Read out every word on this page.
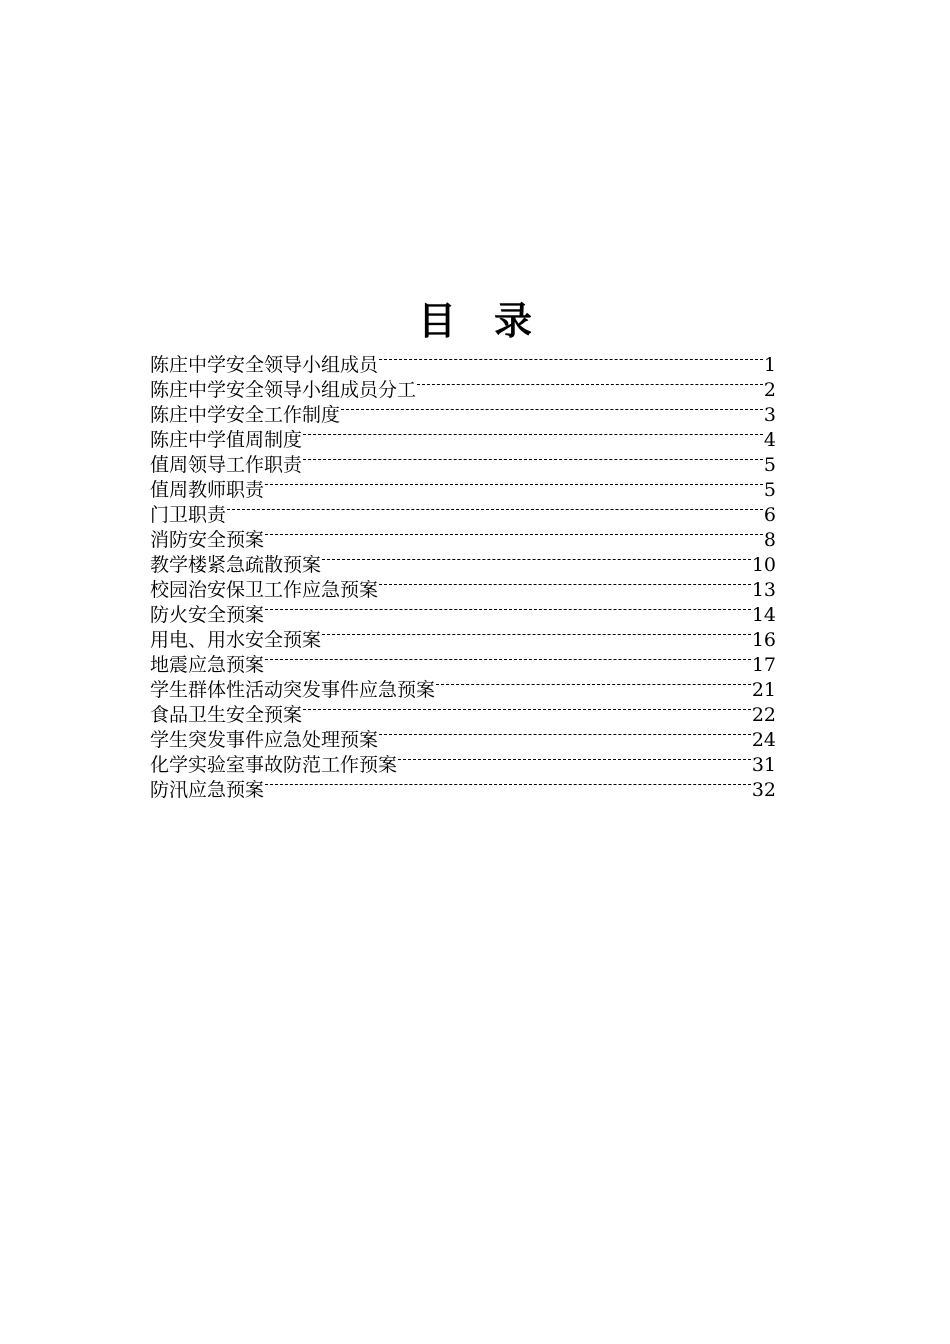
目 录
陈庄中学安全领导小组成员	1
陈庄中学安全领导小组成员分工	2
陈庄中学安全工作制度	3
陈庄中学值周制度	4
值周领导工作职责	5
值周教师职责	5
门卫职责	6
消防安全预案	8
教学楼紧急疏散预案	10
校园治安保卫工作应急预案	13
防火安全预案	14
用电、用水安全预案	16
地震应急预案	17
学生群体性活动突发事件应急预案	21
食品卫生安全预案	22
学生突发事件应急处理预案	24
化学实验室事故防范工作预案	31
防汛应急预案	32
